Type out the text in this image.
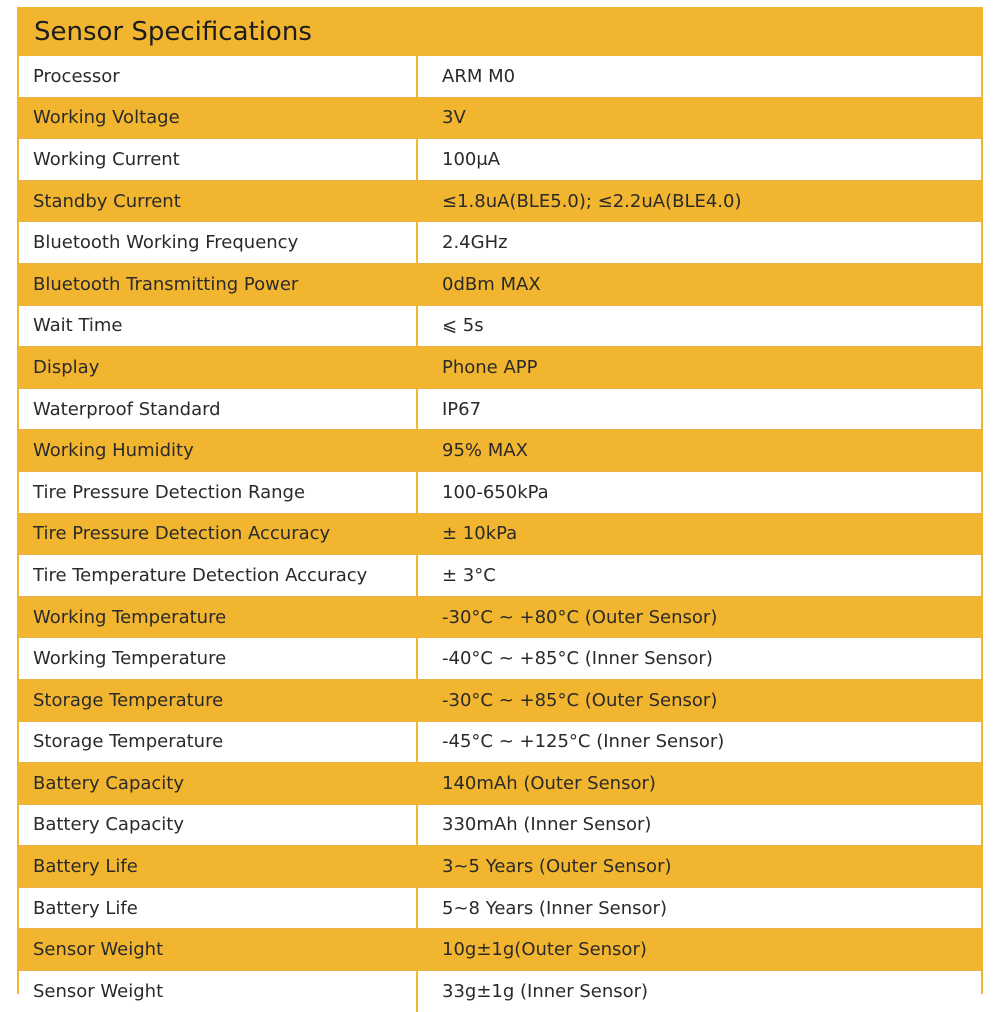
Sensor Specifications
Processor	ARM M0
Working Voltage	3V
Working Current	100μA
Standby Current	≤1.8uA(BLE5.0); ≤2.2uA(BLE4.0)
Bluetooth Working Frequency	2.4GHz
Bluetooth Transmitting Power	0dBm MAX
Wait Time	⩽ 5s
Display	Phone APP
Waterproof Standard	IP67
Working Humidity	95% MAX
Tire Pressure Detection Range	100-650kPa
Tire Pressure Detection Accuracy	± 10kPa
Tire Temperature Detection Accuracy	± 3°C
Working Temperature	-30°C ~ +80°C (Outer Sensor)
Working Temperature	-40°C ~ +85°C (Inner Sensor)
Storage Temperature	-30°C ~ +85°C (Outer Sensor)
Storage Temperature	-45°C ~ +125°C (Inner Sensor)
Battery Capacity	140mAh (Outer Sensor)
Battery Capacity	330mAh (Inner Sensor)
Battery Life	3~5 Years (Outer Sensor)
Battery Life	5~8 Years (Inner Sensor)
Sensor Weight	10g±1g(Outer Sensor)
Sensor Weight	33g±1g (Inner Sensor)
